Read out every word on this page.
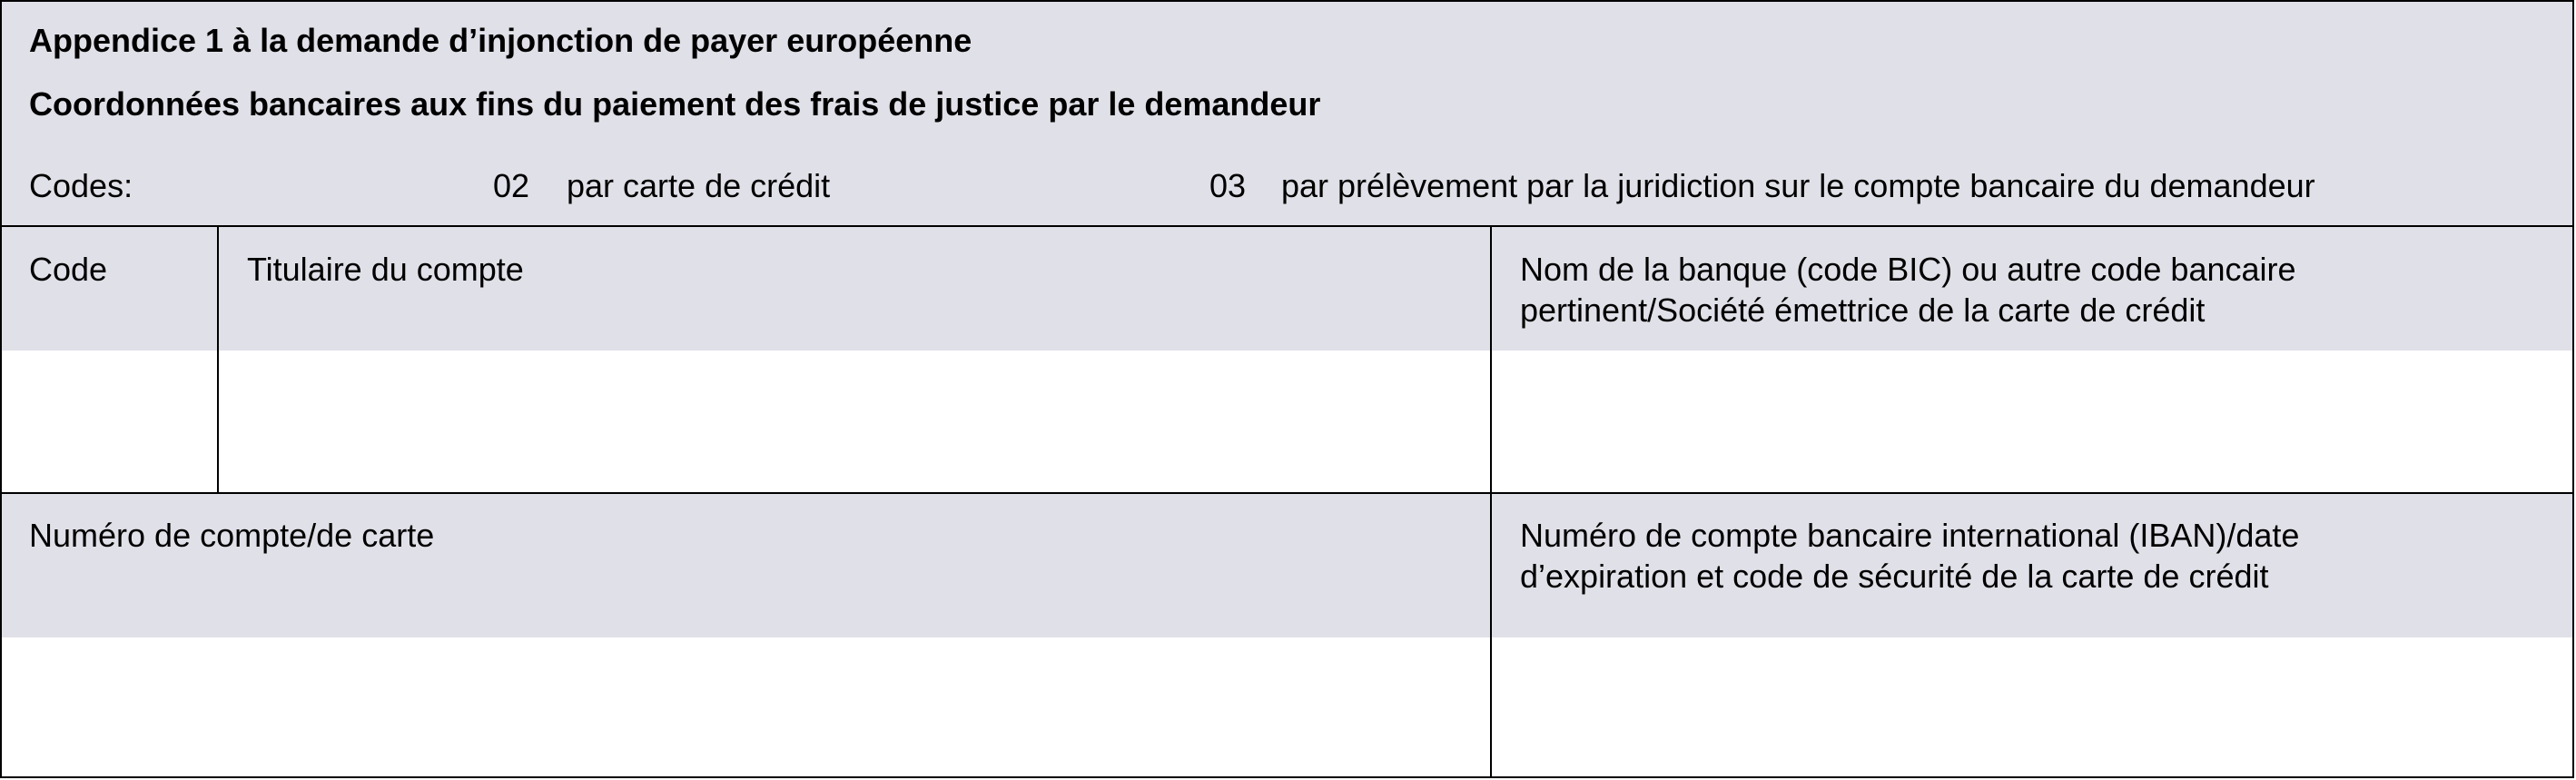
Appendice 1 à la demande d’injonction de payer européenne
Coordonnées bancaires aux fins du paiement des frais de justice par le demandeur
Codes:	02 par carte de crédit	03 par prélèvement par la juridiction sur le compte bancaire du demandeur
Code	Titulaire du compte	Nom de la banque (code BIC) ou autre code bancaire
pertinent/Société émettrice de la carte de crédit
Numéro de compte/de carte	Numéro de compte bancaire international (IBAN)/date
d’expiration et code de sécurité de la carte de crédit
